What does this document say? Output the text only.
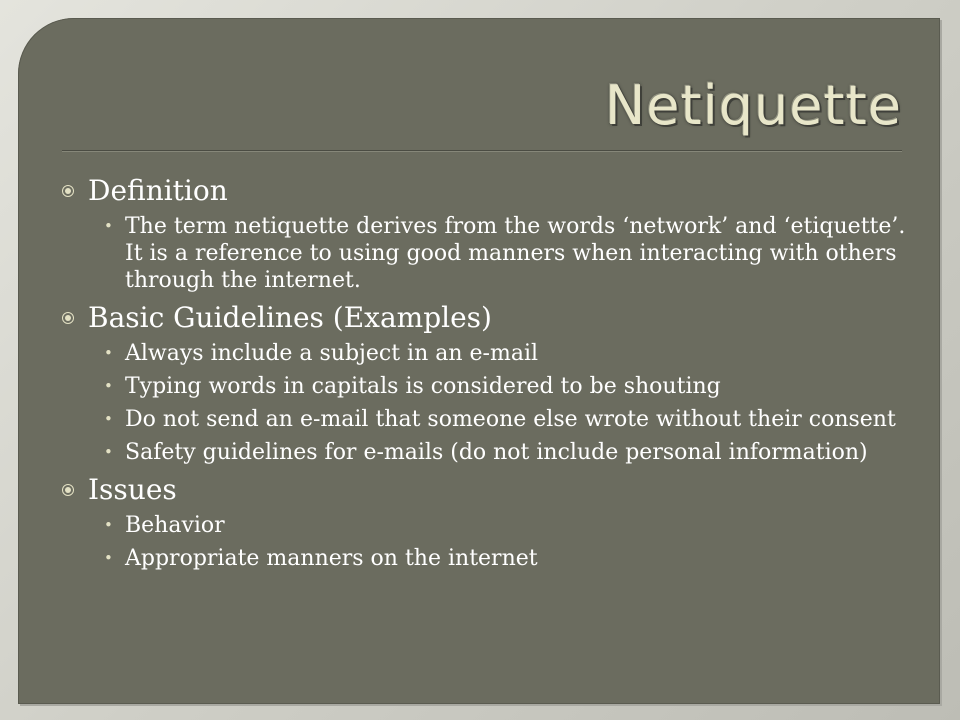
Netiquette
Definition
• The term netiquette derives from the words ‘network’ and ‘etiquette’. It is a reference to using good manners when interacting with others through the internet.
Basic Guidelines (Examples)
• Always include a subject in an e-mail
• Typing words in capitals is considered to be shouting
• Do not send an e-mail that someone else wrote without their consent
• Safety guidelines for e-mails (do not include personal information)
Issues
• Behavior
• Appropriate manners on the internet
